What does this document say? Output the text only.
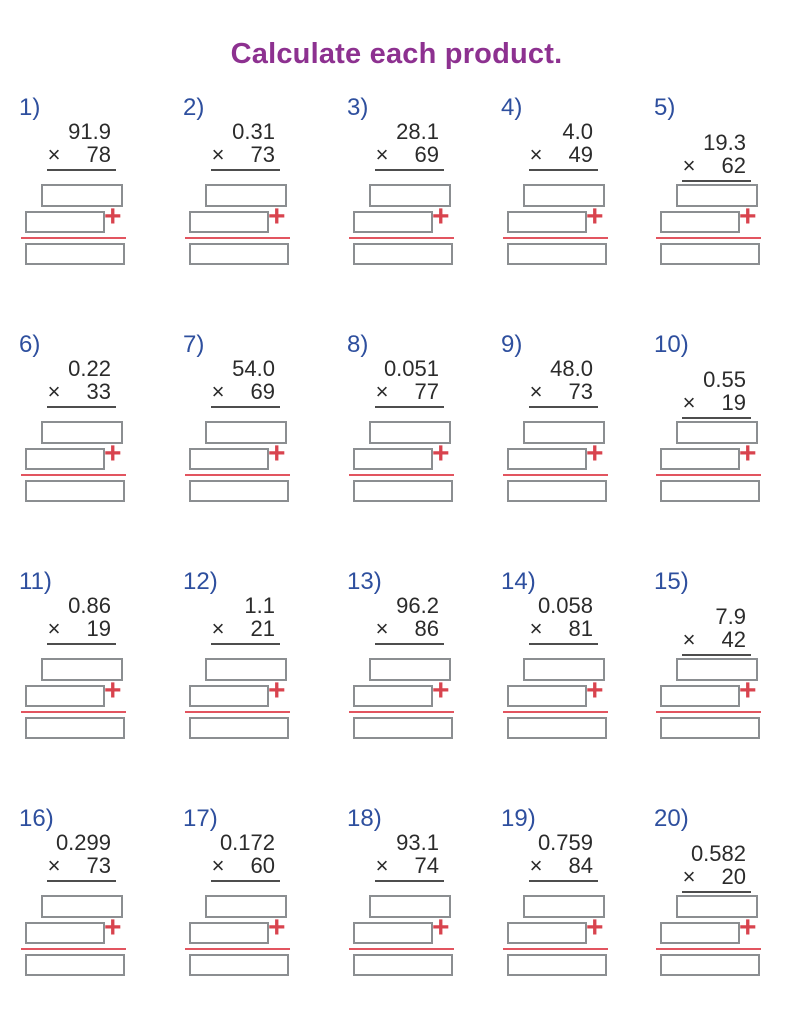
Calculate each product.
1)
91.9
× 78
+
2)
0.31
× 73
+
3)
28.1
× 69
+
4)
4.0
× 49
+
5)
19.3
× 62
+
6)
0.22
× 33
+
7)
54.0
× 69
+
8)
0.051
× 77
+
9)
48.0
× 73
+
10)
0.55
× 19
+
11)
0.86
× 19
+
12)
1.1
× 21
+
13)
96.2
× 86
+
14)
0.058
× 81
+
15)
7.9
× 42
+
16)
0.299
× 73
+
17)
0.172
× 60
+
18)
93.1
× 74
+
19)
0.759
× 84
+
20)
0.582
× 20
+
